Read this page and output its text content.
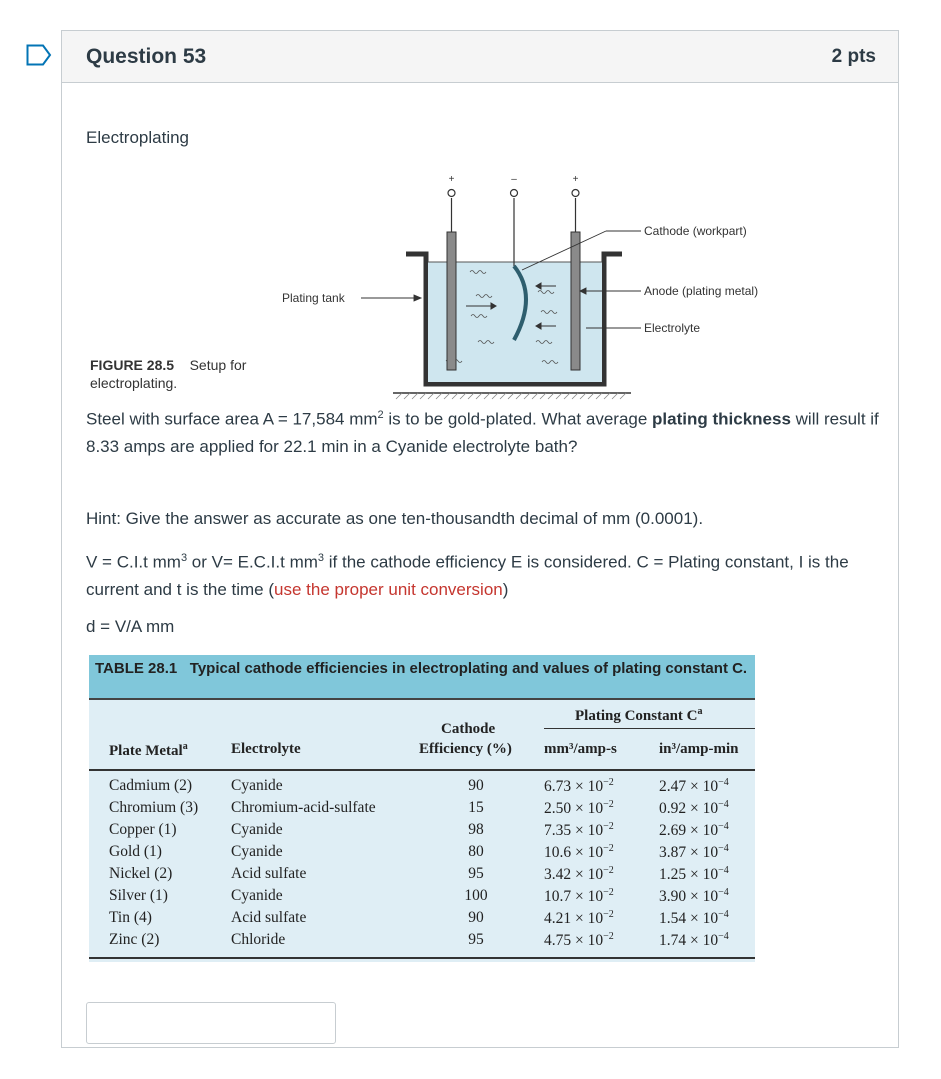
Question 53	2 pts
Electroplating
+	–	+
Plating tank
Cathode (workpart)
Anode (plating metal)
Electrolyte
FIGURE 28.5 Setup for electroplating.

Steel with surface area A = 17,584 $mm^2$ is to be gold-plated. What average plating thickness will result if 8.33 amps are applied for 22.1 min in a Cyanide electrolyte bath?

Hint: Give the answer as accurate as one ten-thousandth decimal of mm (0.0001).

V = C.I.t $mm^3$ or V= E.C.I.t $mm^3$ if the cathode efficiency E is considered. C = Plating constant, I is the current and t is the time (use the proper unit conversion)

d = V/A mm

TABLE 28.1 Typical cathode efficiencies in electroplating and values of plating constant C.
Plating Constant $C^a$
Cathode
Efficiency (%)
Plate Metal$^a$	Electrolyte	mm³/amp-s	in³/amp-min
Cadmium (2)	Cyanide	90	$6.73 \times 10^{-2}$	$2.47 \times 10^{-4}$
Chromium (3) Chromium-acid-sulfate	15	$2.50 \times 10^{-2}$	$0.92 \times 10^{-4}$
Copper (1)	Cyanide	98	$7.35 \times 10^{-2}$	$2.69 \times 10^{-4}$
Gold (1)	Cyanide	80	$10.6 \times 10^{-2}$	$3.87 \times 10^{-4}$
Nickel (2)	Acid sulfate	95	$3.42 \times 10^{-2}$	$1.25 \times 10^{-4}$
Silver (1)	Cyanide	100	$10.7 \times 10^{-2}$	$3.90 \times 10^{-4}$
Tin (4)	Acid sulfate	90	$4.21 \times 10^{-2}$	$1.54 \times 10^{-4}$
Zinc (2)	Chloride	95	$4.75 \times 10^{-2}$	$1.74 \times 10^{-4}$
